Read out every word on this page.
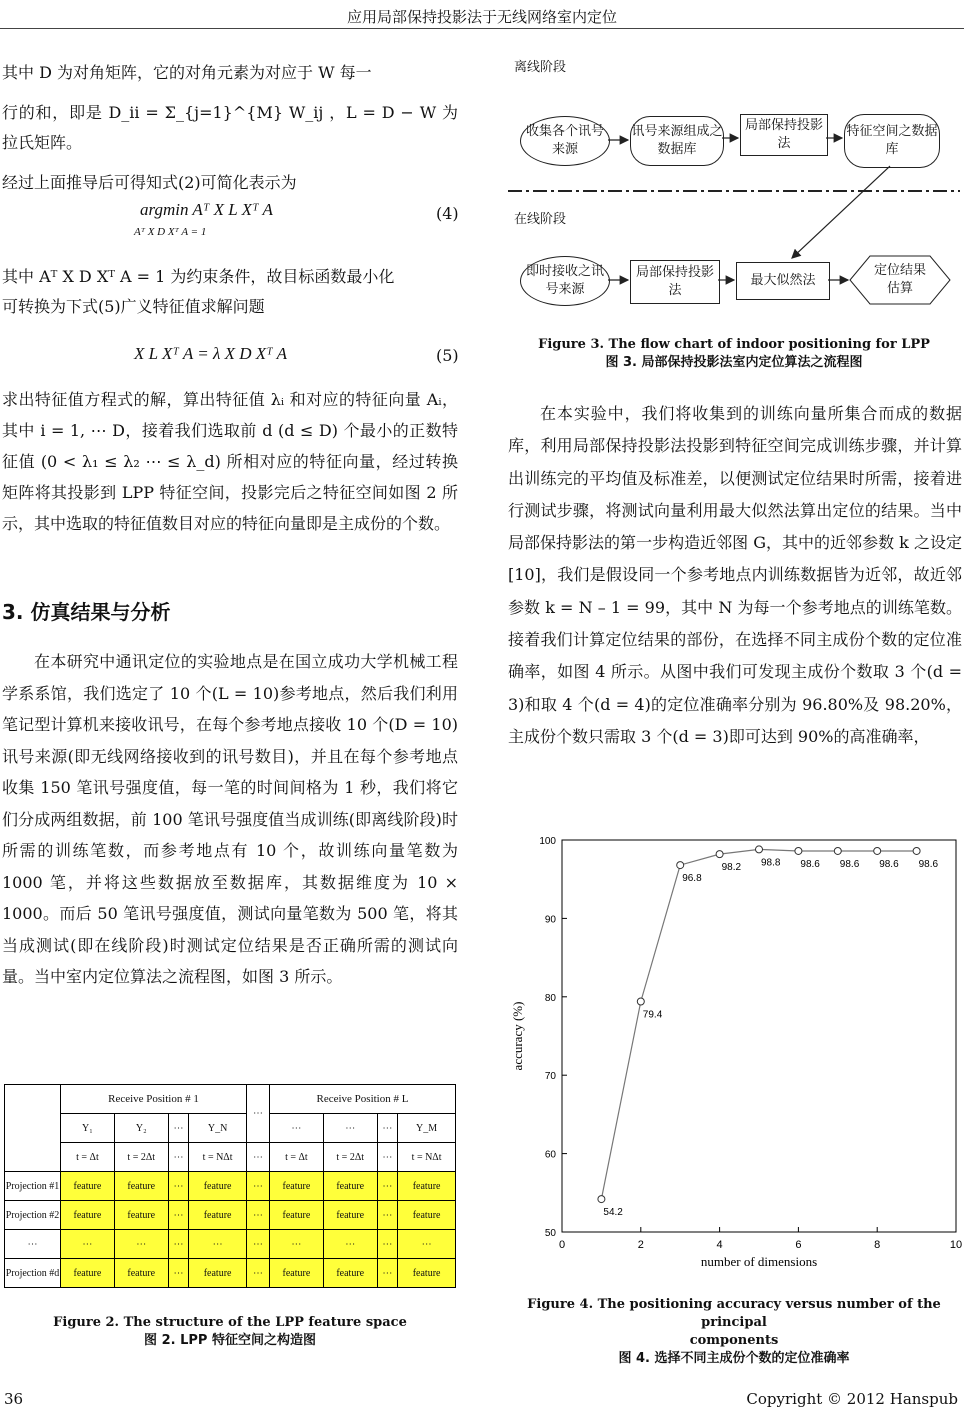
应用局部保持投影法于无线网络室内定位

其中 D 为对角矩阵，它的对角元素为对应于 W 每一

行的和，即是 D_ii = Σ_{j=1}^{M} W_ij ，L = D − W 为拉氏矩阵。

经过上面推导后可得知式(2)可简化表示为

argmin Aᵀ X L Xᵀ A
Aᵀ X D Xᵀ A = 1
(4)

其中 Aᵀ X D Xᵀ A = 1 为约束条件，故目标函数最小化

可转换为下式(5)广义特征值求解问题

X L Xᵀ A = λ X D Xᵀ A	(5)

求出特征值方程式的解，算出特征值 λᵢ 和对应的特征向量 Aᵢ，其中 i = 1, ⋯ D，接着我们选取前 d (d ≤ D) 个最小的正数特征值 (0 < λ₁ ≤ λ₂ ⋯ ≤ λ_d) 所相对应的特征向量，经过转换矩阵将其投影到 LPP 特征空间，投影完后之特征空间如图 2 所示，其中选取的特征值数目对应的特征向量即是主成份的个数。

3. 仿真结果与分析

在本研究中通讯定位的实验地点是在国立成功大学机械工程学系系馆，我们选定了 10 个(L = 10)参考地点，然后我们利用笔记型计算机来接收讯号，在每个参考地点接收 10 个(D = 10)讯号来源(即无线网络接收到的讯号数目)，并且在每个参考地点收集 150 笔讯号强度值，每一笔的时间间格为 1 秒，我们将它们分成两组数据，前 100 笔讯号强度值当成训练(即离线阶段)时所需的训练笔数，而参考地点有 10 个，故训练向量笔数为 1000 笔，并将这些数据放至数据库，其数据维度为 10 × 1000。而后 50 笔讯号强度值，测试向量笔数为 500 笔，将其当成测试(即在线阶段)时测试定位结果是否正确所需的测试向量。当中室内定位算法之流程图，如图 3 所示。

	Receive Position # 1				⋯	Receive Position # L			
	Y₁	Y₂	⋯	Y_N		⋯	⋯	⋯	Y_M
	t = Δt	t = 2Δt	⋯	t = NΔt	⋯	t = Δt	t = 2Δt	⋯	t = NΔt
Projection #1	feature	feature	⋯	feature	⋯	feature	feature	⋯	feature
Projection #2	feature	feature	⋯	feature	⋯	feature	feature	⋯	feature
⋯	⋯	⋯	⋯	⋯	⋯	⋯	⋯	⋯	⋯
Projection #d	feature	feature	⋯	feature	⋯	feature	feature	⋯	feature
Figure 2. The structure of the LPP feature space
图 2. LPP 特征空间之构造图
离线阶段
收集各个讯号来源
讯号来源组成之数据库
局部保持投影法
特征空间之数据库
在线阶段
即时接收之讯号来源
局部保持投影法
最大似然法
定位结果估算
Figure 3. The flow chart of indoor positioning for LPP
图 3. 局部保持投影法室内定位算法之流程图

在本实验中，我们将收集到的训练向量所集合而成的数据库，利用局部保持投影法投影到特征空间完成训练步骤，并计算出训练完的平均值及标准差，以便测试定位结果时所需，接着进行测试步骤，将测试向量利用最大似然法算出定位的结果。当中局部保持影法的第一步构造近邻图 G，其中的近邻参数 k 之设定[10]，我们是假设同一个参考地点内训练数据皆为近邻，故近邻参数 k = N – 1 = 99，其中 N 为每一个参考地点的训练笔数。接着我们计算定位结果的部份，在选择不同主成份个数的定位准确率，如图 4 所示。从图中我们可发现主成份个数取 3 个(d = 3)和取 4 个(d = 4)的定位准确率分别为 96.80%及 98.20%，主成份个数只需取 3 个(d = 3)即可达到 90%的高准确率，

0	2	4	6	8	10
50
60
70
80
90
100
number of dimensions
accuracy (%)
54.2
79.4
96.8
98.2 98.8 98.6 98.6 98.6 98.6
Figure 4. The positioning accuracy versus number of the principal
components
图 4. 选择不同主成份个数的定位准确率
36	Copyright © 2012 Hanspub
